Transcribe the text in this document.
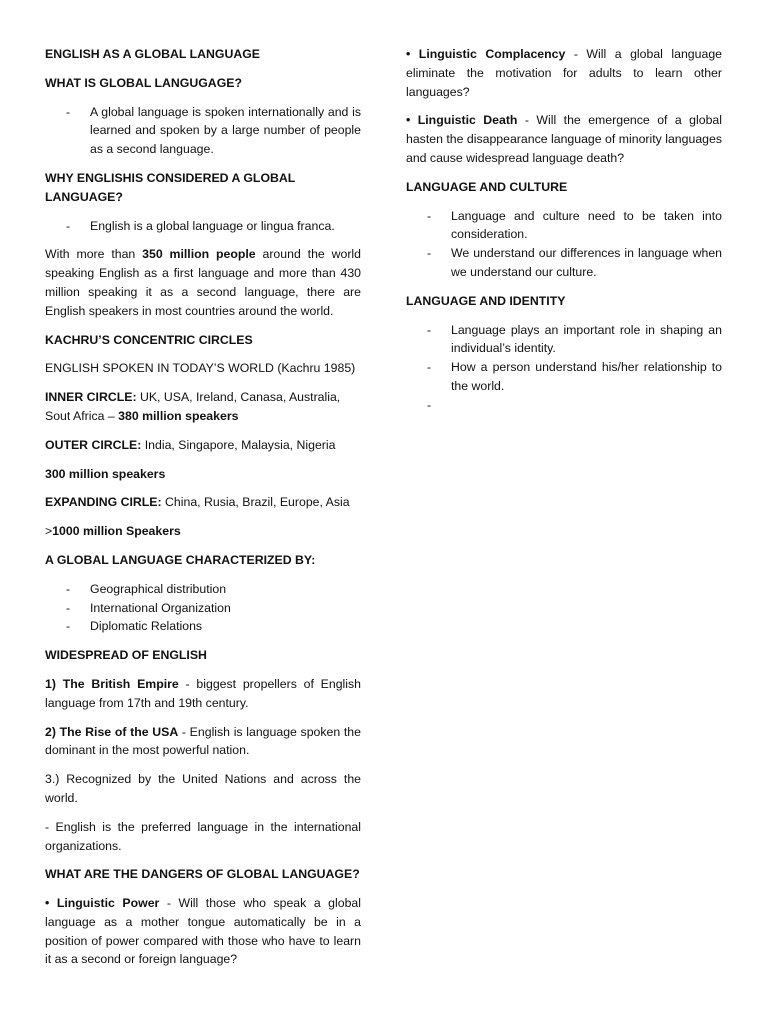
ENGLISH AS A GLOBAL LANGUAGE

WHAT IS GLOBAL LANGUGAGE?

- A global language is spoken internationally and is learned and spoken by a large number of people as a second language.

WHY ENGLISHIS CONSIDERED A GLOBAL LANGUAGE?

- English is a global language or lingua franca.

With more than 350 million people around the world speaking English as a first language and more than 430 million speaking it as a second language, there are English speakers in most countries around the world.

KACHRU’S CONCENTRIC CIRCLES

ENGLISH SPOKEN IN TODAY’S WORLD (Kachru 1985)

INNER CIRCLE: UK, USA, Ireland, Canasa, Australia, Sout Africa – 380 million speakers

OUTER CIRCLE: India, Singapore, Malaysia, Nigeria

300 million speakers

EXPANDING CIRLE: China, Rusia, Brazil, Europe, Asia

>1000 million Speakers

A GLOBAL LANGUAGE CHARACTERIZED BY:

- Geographical distribution
- International Organization
- Diplomatic Relations

WIDESPREAD OF ENGLISH

1) The British Empire - biggest propellers of English language from 17th and 19th century.

2) The Rise of the USA - English is language spoken the dominant in the most powerful nation.

3.) Recognized by the United Nations and across the world.

- English is the preferred language in the international organizations.

WHAT ARE THE DANGERS OF GLOBAL LANGUAGE?

• Linguistic Power - Will those who speak a global language as a mother tongue automatically be in a position of power compared with those who have to learn it as a second or foreign language?

• Linguistic Complacency - Will a global language eliminate the motivation for adults to learn other languages?

• Linguistic Death - Will the emergence of a global hasten the disappearance language of minority languages and cause widespread language death?

LANGUAGE AND CULTURE

- Language and culture need to be taken into consideration.
- We understand our differences in language when we understand our culture.

LANGUAGE AND IDENTITY

- Language plays an important role in shaping an individual’s identity.
- How a person understand his/her relationship to the world.
-
